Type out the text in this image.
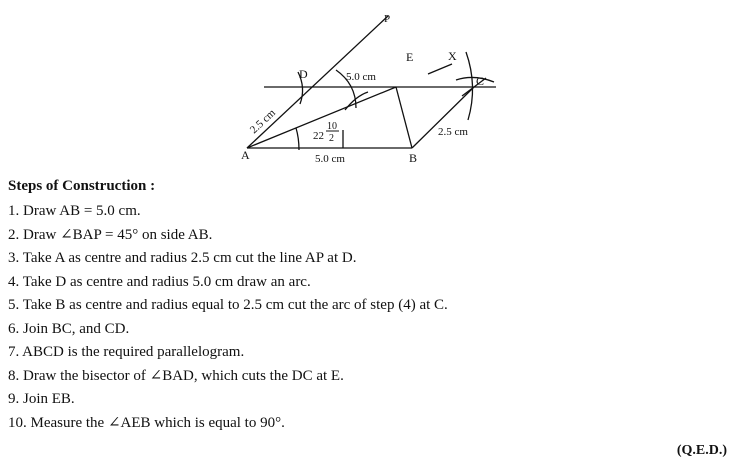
A	B
C
D
E
P
X
2.5 cm
5.0 cm
5.0 cm
2.5 cm
22
10
2
Steps of Construction :
1. Draw AB = 5.0 cm.
2. Draw ∠BAP = 45° on side AB.
3. Take A as centre and radius 2.5 cm cut the line AP at D.
4. Take D as centre and radius 5.0 cm draw an arc.
5. Take B as centre and radius equal to 2.5 cm cut the arc of step (4) at C.
6. Join BC, and CD.
7. ABCD is the required parallelogram.
8. Draw the bisector of ∠BAD, which cuts the DC at E.
9. Join EB.
10. Measure the ∠AEB which is equal to 90°.
(Q.E.D.)
